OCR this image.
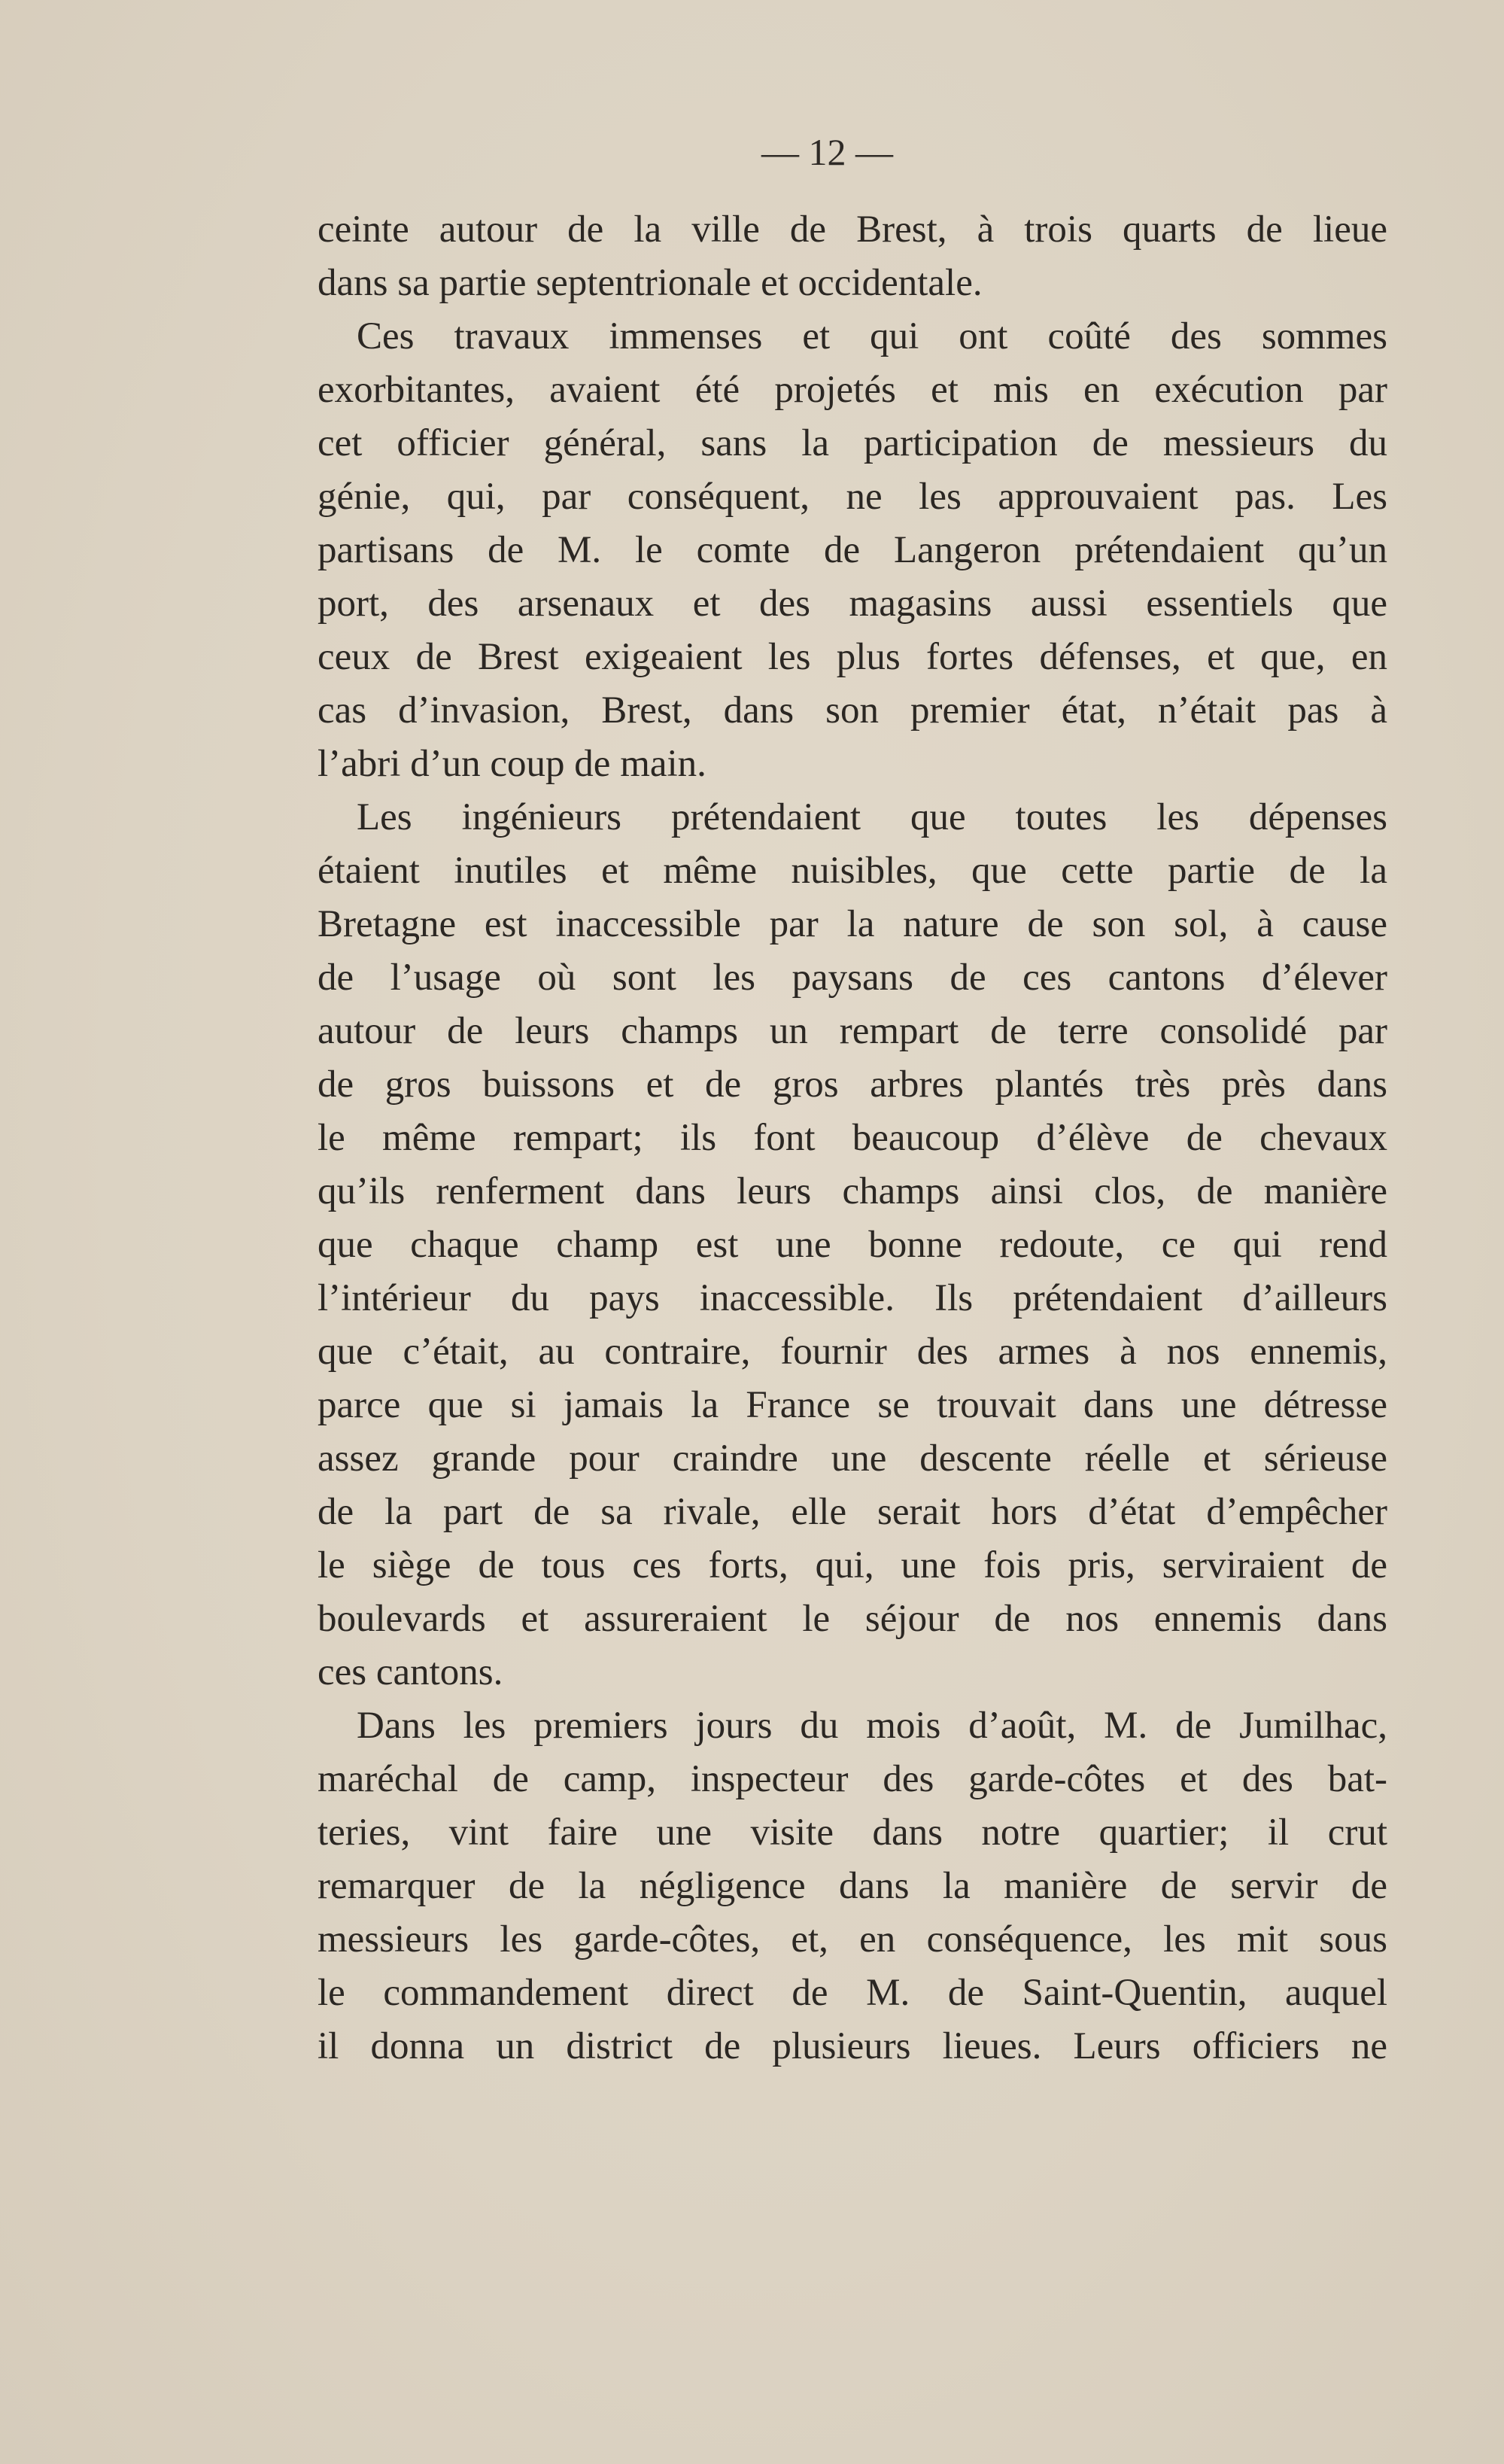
— 12 —
ceinte autour de la ville de Brest, à trois quarts de lieue
dans sa partie septentrionale et occidentale.
Ces travaux immenses et qui ont coûté des sommes
exorbitantes, avaient été projetés et mis en exécution par
cet officier général, sans la participation de messieurs du
génie, qui, par conséquent, ne les approuvaient pas. Les
partisans de M. le comte de Langeron prétendaient qu’un
port, des arsenaux et des magasins aussi essentiels que
ceux de Brest exigeaient les plus fortes défenses, et que, en
cas d’invasion, Brest, dans son premier état, n’était pas à
l’abri d’un coup de main.
Les ingénieurs prétendaient que toutes les dépenses
étaient inutiles et même nuisibles, que cette partie de la
Bretagne est inaccessible par la nature de son sol, à cause
de l’usage où sont les paysans de ces cantons d’élever
autour de leurs champs un rempart de terre consolidé par
de gros buissons et de gros arbres plantés très près dans
le même rempart; ils font beaucoup d’élève de chevaux
qu’ils renferment dans leurs champs ainsi clos, de manière
que chaque champ est une bonne redoute, ce qui rend
l’intérieur du pays inaccessible. Ils prétendaient d’ailleurs
que c’était, au contraire, fournir des armes à nos ennemis,
parce que si jamais la France se trouvait dans une détresse
assez grande pour craindre une descente réelle et sérieuse
de la part de sa rivale, elle serait hors d’état d’empêcher
le siège de tous ces forts, qui, une fois pris, serviraient de
boulevards et assureraient le séjour de nos ennemis dans
ces cantons.
Dans les premiers jours du mois d’août, M. de Jumilhac,
maréchal de camp, inspecteur des garde-côtes et des bat-
teries, vint faire une visite dans notre quartier; il crut
remarquer de la négligence dans la manière de servir de
messieurs les garde-côtes, et, en conséquence, les mit sous
le commandement direct de M. de Saint-Quentin, auquel
il donna un district de plusieurs lieues. Leurs officiers ne
